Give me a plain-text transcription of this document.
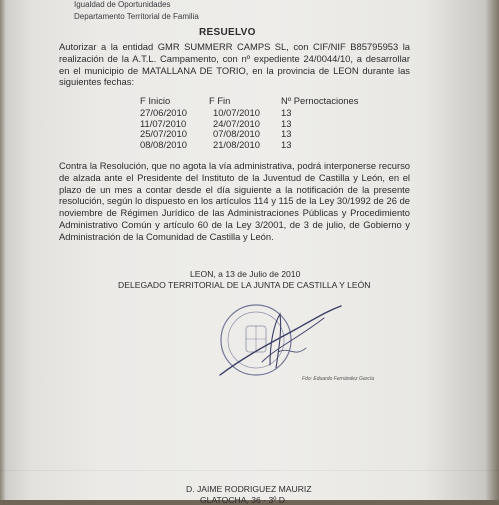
Igualdad de Oportunidades
Departamento Territorial de Familia
RESUELVO
Autorizar a la entidad GMR SUMMERR CAMPS SL, con CIF/NIF B85795953 la realización de la A.T.L. Campamento, con nº expediente 24/0044/10, a desarrollar en el municipio de MATALLANA DE TORIO, en la provincia de LEON durante las siguientes fechas:
F Inicio	F Fin	Nº Pernoctaciones
27/06/2010	10/07/2010	13
11/07/2010	24/07/2010	13
25/07/2010	07/08/2010	13
08/08/2010	21/08/2010	13
Contra la Resolución, que no agota la vía administrativa, podrá interponerse recurso de alzada ante el Presidente del Instituto de la Juventud de Castilla y León, en el plazo de un mes a contar desde el día siguiente a la notificación de la presente resolución, según lo dispuesto en los artículos 114 y 115 de la Ley 30/1992 de 26 de noviembre de Régimen Jurídico de las Administraciones Públicas y Procedimiento Administrativo Común y artículo 60 de la Ley 3/2001, de 3 de julio, de Gobierno y Administración de la Comunidad de Castilla y León.
LEON, a 13 de Julio de 2010
DELEGADO TERRITORIAL DE LA JUNTA DE CASTILLA Y LEÓN
Fdo: Eduardo Fernández García
D. JAIME RODRIGUEZ MAURIZ
GLATOCHA, 36 - 3º D
